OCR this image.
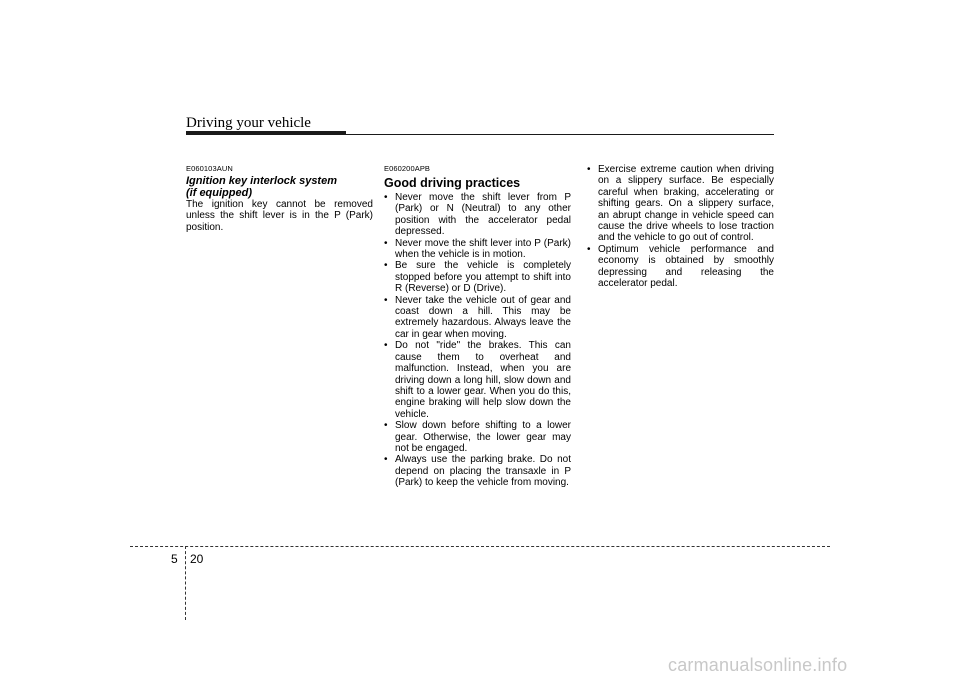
Driving your vehicle
E060103AUN
Ignition key interlock system
(if equipped)
The ignition key cannot be removed unless the shift lever is in the P (Park) position.
E060200APB
Good driving practices
• Never move the shift lever from P (Park) or N (Neutral) to any other position with the accelerator pedal depressed.
• Never move the shift lever into P (Park) when the vehicle is in motion.
• Be sure the vehicle is completely stopped before you attempt to shift into R (Reverse) or D (Drive).
• Never take the vehicle out of gear and coast down a hill. This may be extremely hazardous. Always leave the car in gear when moving.
• Do not "ride" the brakes. This can cause them to overheat and malfunction. Instead, when you are driving down a long hill, slow down and shift to a lower gear. When you do this, engine braking will help slow down the vehicle.
• Slow down before shifting to a lower gear. Otherwise, the lower gear may not be engaged.
• Always use the parking brake. Do not depend on placing the transaxle in P (Park) to keep the vehicle from moving.
• Exercise extreme caution when driving on a slippery surface. Be especially careful when braking, accelerating or shifting gears. On a slippery surface, an abrupt change in vehicle speed can cause the drive wheels to lose traction and the vehicle to go out of control.
• Optimum vehicle performance and economy is obtained by smoothly depressing and releasing the accelerator pedal.
5 20
carmanualsonline.info
